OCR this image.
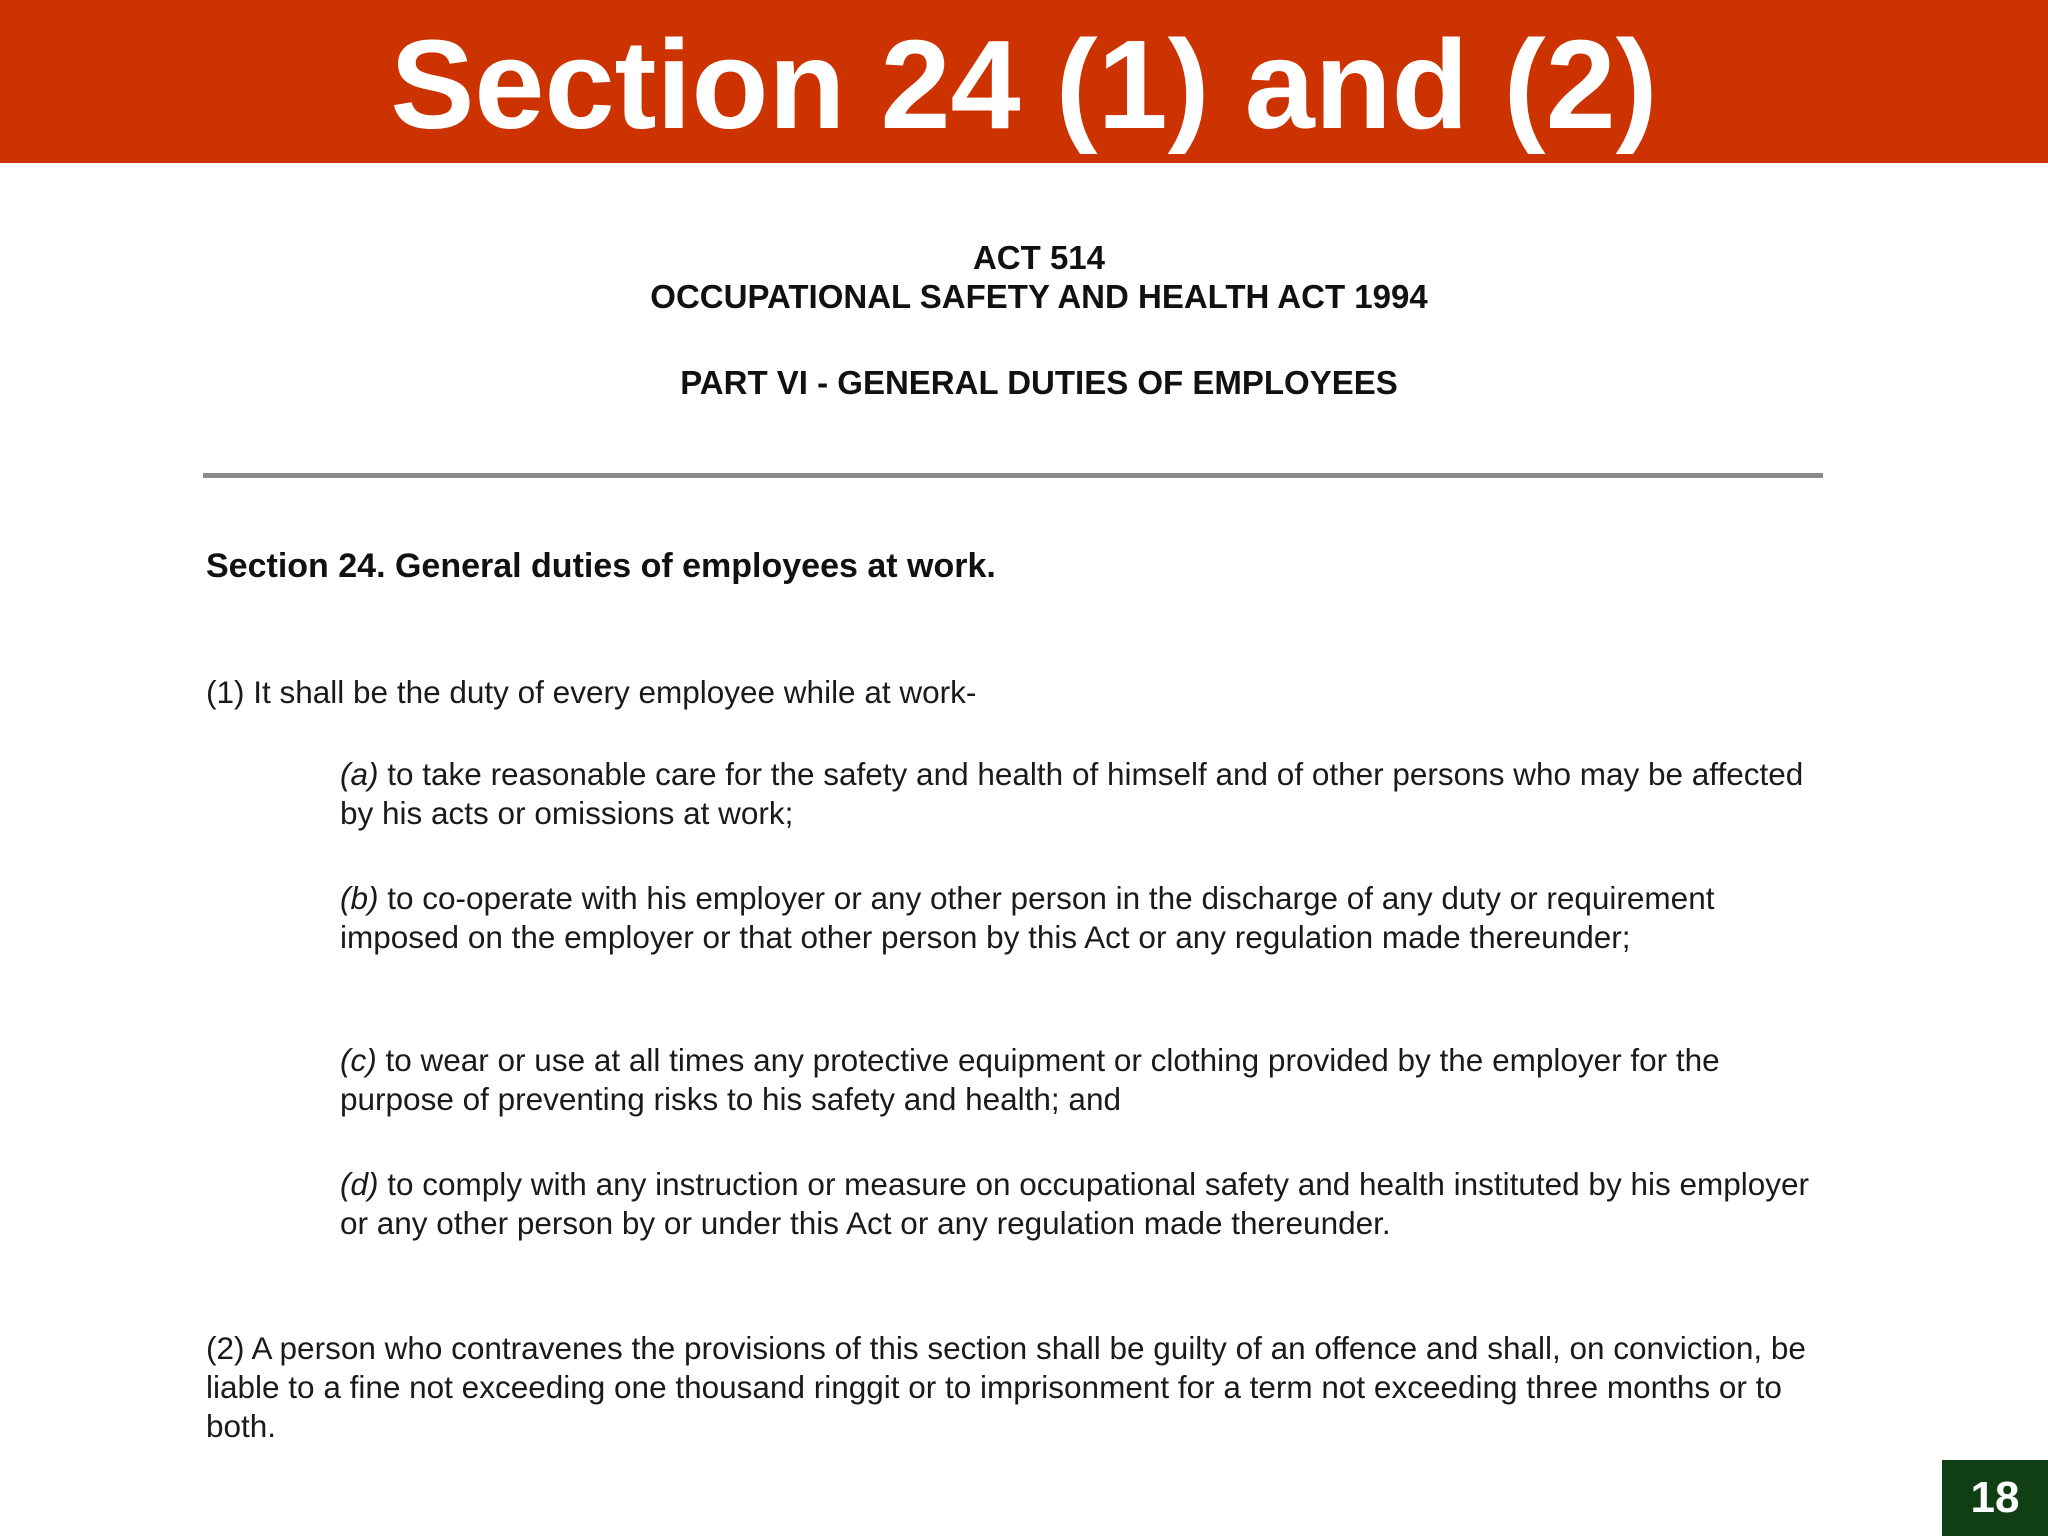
Section 24 (1) and (2)
ACT 514
OCCUPATIONAL SAFETY AND HEALTH ACT 1994
PART VI - GENERAL DUTIES OF EMPLOYEES
Section 24. General duties of employees at work.

(1) It shall be the duty of every employee while at work-

(a) to take reasonable care for the safety and health of himself and of other persons who may be affected by his acts or omissions at work;

(b) to co-operate with his employer or any other person in the discharge of any duty or requirement imposed on the employer or that other person by this Act or any regulation made thereunder;

(c) to wear or use at all times any protective equipment or clothing provided by the employer for the purpose of preventing risks to his safety and health; and

(d) to comply with any instruction or measure on occupational safety and health instituted by his employer or any other person by or under this Act or any regulation made thereunder.

(2) A person who contravenes the provisions of this section shall be guilty of an offence and shall, on conviction, be liable to a fine not exceeding one thousand ringgit or to imprisonment for a term not exceeding three months or to both.

18
